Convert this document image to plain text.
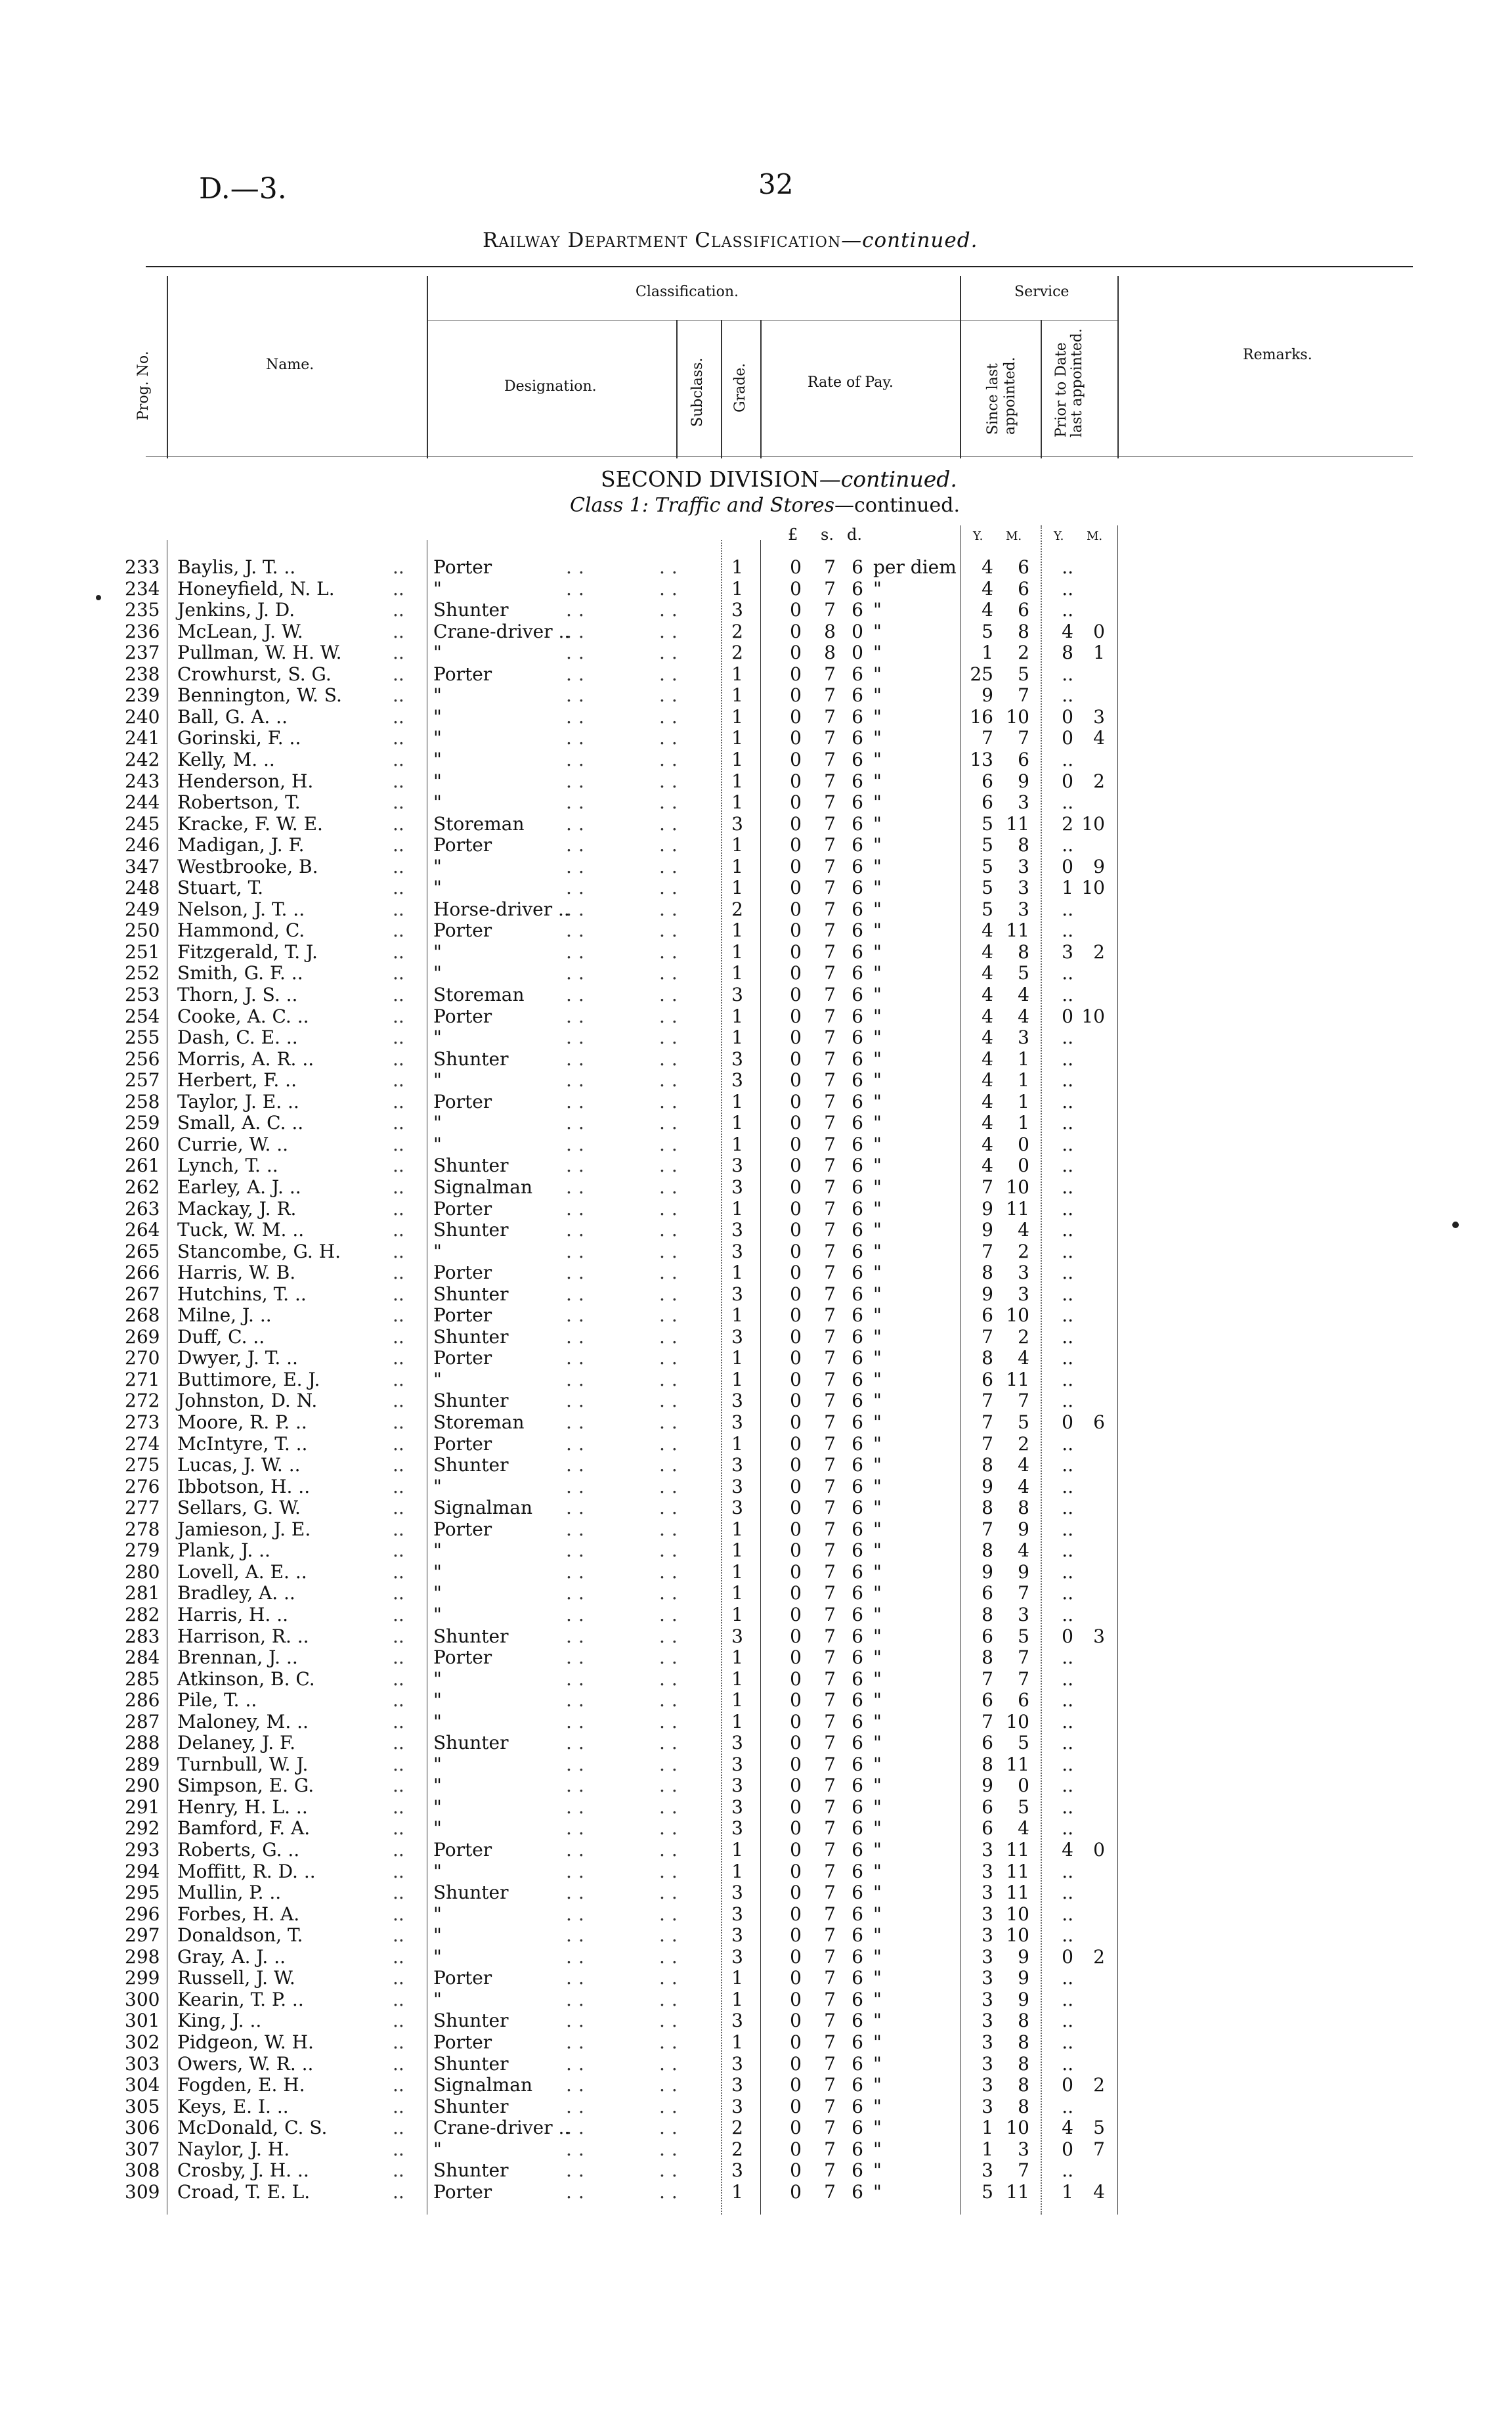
D.—3.	32
Railway Department Classification—continued.
Prog. No.	Name.
Classification.
Designation.	Subclass. Grade.	Rate of Pay.
Service
Since last appointed. Prior to Date last appointed.	Remarks.
SECOND DIVISION—continued.
Class 1: Traffic and Stores—continued.
£ s. d.	Y. M.	Y. M.
..	..	..
233 Baylis, J. T. ..	Porter	1	0 7 6 per diem	4	6	..
..	..	..
234 Honeyfield, N. L.	"	1	0 7 6 "	4	6	..
..	..	..
235 Jenkins, J. D.	Shunter	3	0 7 6 "	4	6	..
..	..	..
236 McLean, J. W.	Crane-driver ..	2	0 8 0 "	5	8	4	0
..	..	..
237 Pullman, W. H. W.	"	2	0 8 0 "	1	2	8	1
..	..	..
238 Crowhurst, S. G.	Porter	1	0 7 6 "	25	5	..
..	..	..
239 Bennington, W. S.	"	1	0 7 6 "	9	7	..
..	..	..
240 Ball, G. A. ..	"	1	0 7 6 "	16 10	0	3
..	..	..
241 Gorinski, F. ..	"	1	0 7 6 "	7	7	0	4
..	..	..
242 Kelly, M. ..	"	1	0 7 6 "	13	6	..
..	..	..
243 Henderson, H.	"	1	0 7 6 "	6	9	0	2
..	..	..
244 Robertson, T.	"	1	0 7 6 "	6	3	..
..	..	..
245 Kracke, F. W. E.	Storeman	3	0 7 6 "	5 11	2 10
..	..	..
246 Madigan, J. F.	Porter	1	0 7 6 "	5	8	..
..	..	..
347 Westbrooke, B.	"	1	0 7 6 "	5	3	0	9
..	..	..
248 Stuart, T.	"	1	0 7 6 "	5	3	1 10
..	..	..
249 Nelson, J. T. ..	Horse-driver ..	2	0 7 6 "	5	3	..
..	..	..
250 Hammond, C.	Porter	1	0 7 6 "	4 11	..
..	..	..
251 Fitzgerald, T. J.	"	1	0 7 6 "	4	8	3	2
..	..	..
252 Smith, G. F. ..	"	1	0 7 6 "	4	5	..
..	..	..
253 Thorn, J. S. ..	Storeman	3	0 7 6 "	4	4	..
..	..	..
254 Cooke, A. C. ..	Porter	1	0 7 6 "	4	4	0 10
..	..	..
255 Dash, C. E. ..	"	1	0 7 6 "	4	3	..
..	..	..
256 Morris, A. R. ..	Shunter	3	0 7 6 "	4	1	..
..	..	..
257 Herbert, F. ..	"	3	0 7 6 "	4	1	..
..	..	..
258 Taylor, J. E. ..	Porter	1	0 7 6 "	4	1	..
..	..	..
259 Small, A. C. ..	"	1	0 7 6 "	4	1	..
..	..	..
260 Currie, W. ..	"	1	0 7 6 "	4	0	..
..	..	..
261 Lynch, T. ..	Shunter	3	0 7 6 "	4	0	..
..	..	..
262 Earley, A. J. ..	Signalman	3	0 7 6 "	7 10	..
..	..	..
263 Mackay, J. R.	Porter	1	0 7 6 "	9 11	..
..	..	..
264 Tuck, W. M. ..	Shunter	3	0 7 6 "	9	4	..
..	..	..
265 Stancombe, G. H.	"	3	0 7 6 "	7	2	..
..	..	..
266 Harris, W. B.	Porter	1	0 7 6 "	8	3	..
..	..	..
267 Hutchins, T. ..	Shunter	3	0 7 6 "	9	3	..
..	..	..
268 Milne, J. ..	Porter	1	0 7 6 "	6 10	..
..	..	..
269 Duff, C. ..	Shunter	3	0 7 6 "	7	2	..
..	..	..
270 Dwyer, J. T. ..	Porter	1	0 7 6 "	8	4	..
..	..	..
271 Buttimore, E. J.	"	1	0 7 6 "	6 11	..
..	..	..
272 Johnston, D. N.	Shunter	3	0 7 6 "	7	7	..
..	..	..
273 Moore, R. P. ..	Storeman	3	0 7 6 "	7	5	0	6
..	..	..
274 McIntyre, T. ..	Porter	1	0 7 6 "	7	2	..
..	..	..
275 Lucas, J. W. ..	Shunter	3	0 7 6 "	8	4	..
..	..	..
276 Ibbotson, H. ..	"	3	0 7 6 "	9	4	..
..	..	..
277 Sellars, G. W.	Signalman	3	0 7 6 "	8	8	..
..	..	..
278 Jamieson, J. E.	Porter	1	0 7 6 "	7	9	..
..	..	..
279 Plank, J. ..	"	1	0 7 6 "	8	4	..
..	..	..
280 Lovell, A. E. ..	"	1	0 7 6 "	9	9	..
..	..	..
281 Bradley, A. ..	"	1	0 7 6 "	6	7	..
..	..	..
282 Harris, H. ..	"	1	0 7 6 "	8	3	..
..	..	..
283 Harrison, R. ..	Shunter	3	0 7 6 "	6	5	0	3
..	..	..
284 Brennan, J. ..	Porter	1	0 7 6 "	8	7	..
..	..	..
285 Atkinson, B. C.	"	1	0 7 6 "	7	7	..
..	..	..
286 Pile, T. ..	"	1	0 7 6 "	6	6	..
..	..	..
287 Maloney, M. ..	"	1	0 7 6 "	7 10	..
..	..	..
288 Delaney, J. F.	Shunter	3	0 7 6 "	6	5	..
..	..	..
289 Turnbull, W. J.	"	3	0 7 6 "	8 11	..
..	..	..
290 Simpson, E. G.	"	3	0 7 6 "	9	0	..
..	..	..
291 Henry, H. L. ..	"	3	0 7 6 "	6	5	..
..	..	..
292 Bamford, F. A.	"	3	0 7 6 "	6	4	..
..	..	..
293 Roberts, G. ..	Porter	1	0 7 6 "	3 11	4	0
..	..	..
294 Moffitt, R. D. ..	"	1	0 7 6 "	3 11	..
..	..	..
295 Mullin, P. ..	Shunter	3	0 7 6 "	3 11	..
..	..	..
296 Forbes, H. A.	"	3	0 7 6 "	3 10	..
..	..	..
297 Donaldson, T.	"	3	0 7 6 "	3 10	..
..	..	..
298 Gray, A. J. ..	"	3	0 7 6 "	3	9	0	2
..	..	..
299 Russell, J. W.	Porter	1	0 7 6 "	3	9	..
..	..	..
300 Kearin, T. P. ..	"	1	0 7 6 "	3	9	..
..	..	..
301 King, J. ..	Shunter	3	0 7 6 "	3	8	..
..	..	..
302 Pidgeon, W. H.	Porter	1	0 7 6 "	3	8	..
..	..	..
303 Owers, W. R. ..	Shunter	3	0 7 6 "	3	8	..
..	..	..
304 Fogden, E. H.	Signalman	3	0 7 6 "	3	8	0	2
..	..	..
305 Keys, E. I. ..	Shunter	3	0 7 6 "	3	8	..
..	..	..
306 McDonald, C. S.	Crane-driver ..	2	0 7 6 "	1 10	4	5
..	..	..
307 Naylor, J. H.	"	2	0 7 6 "	1	3	0	7
..	..	..
308 Crosby, J. H. ..	Shunter	3	0 7 6 "	3	7	..
..	..	..
309 Croad, T. E. L.	Porter	1	0 7 6 "	5 11	1	4
